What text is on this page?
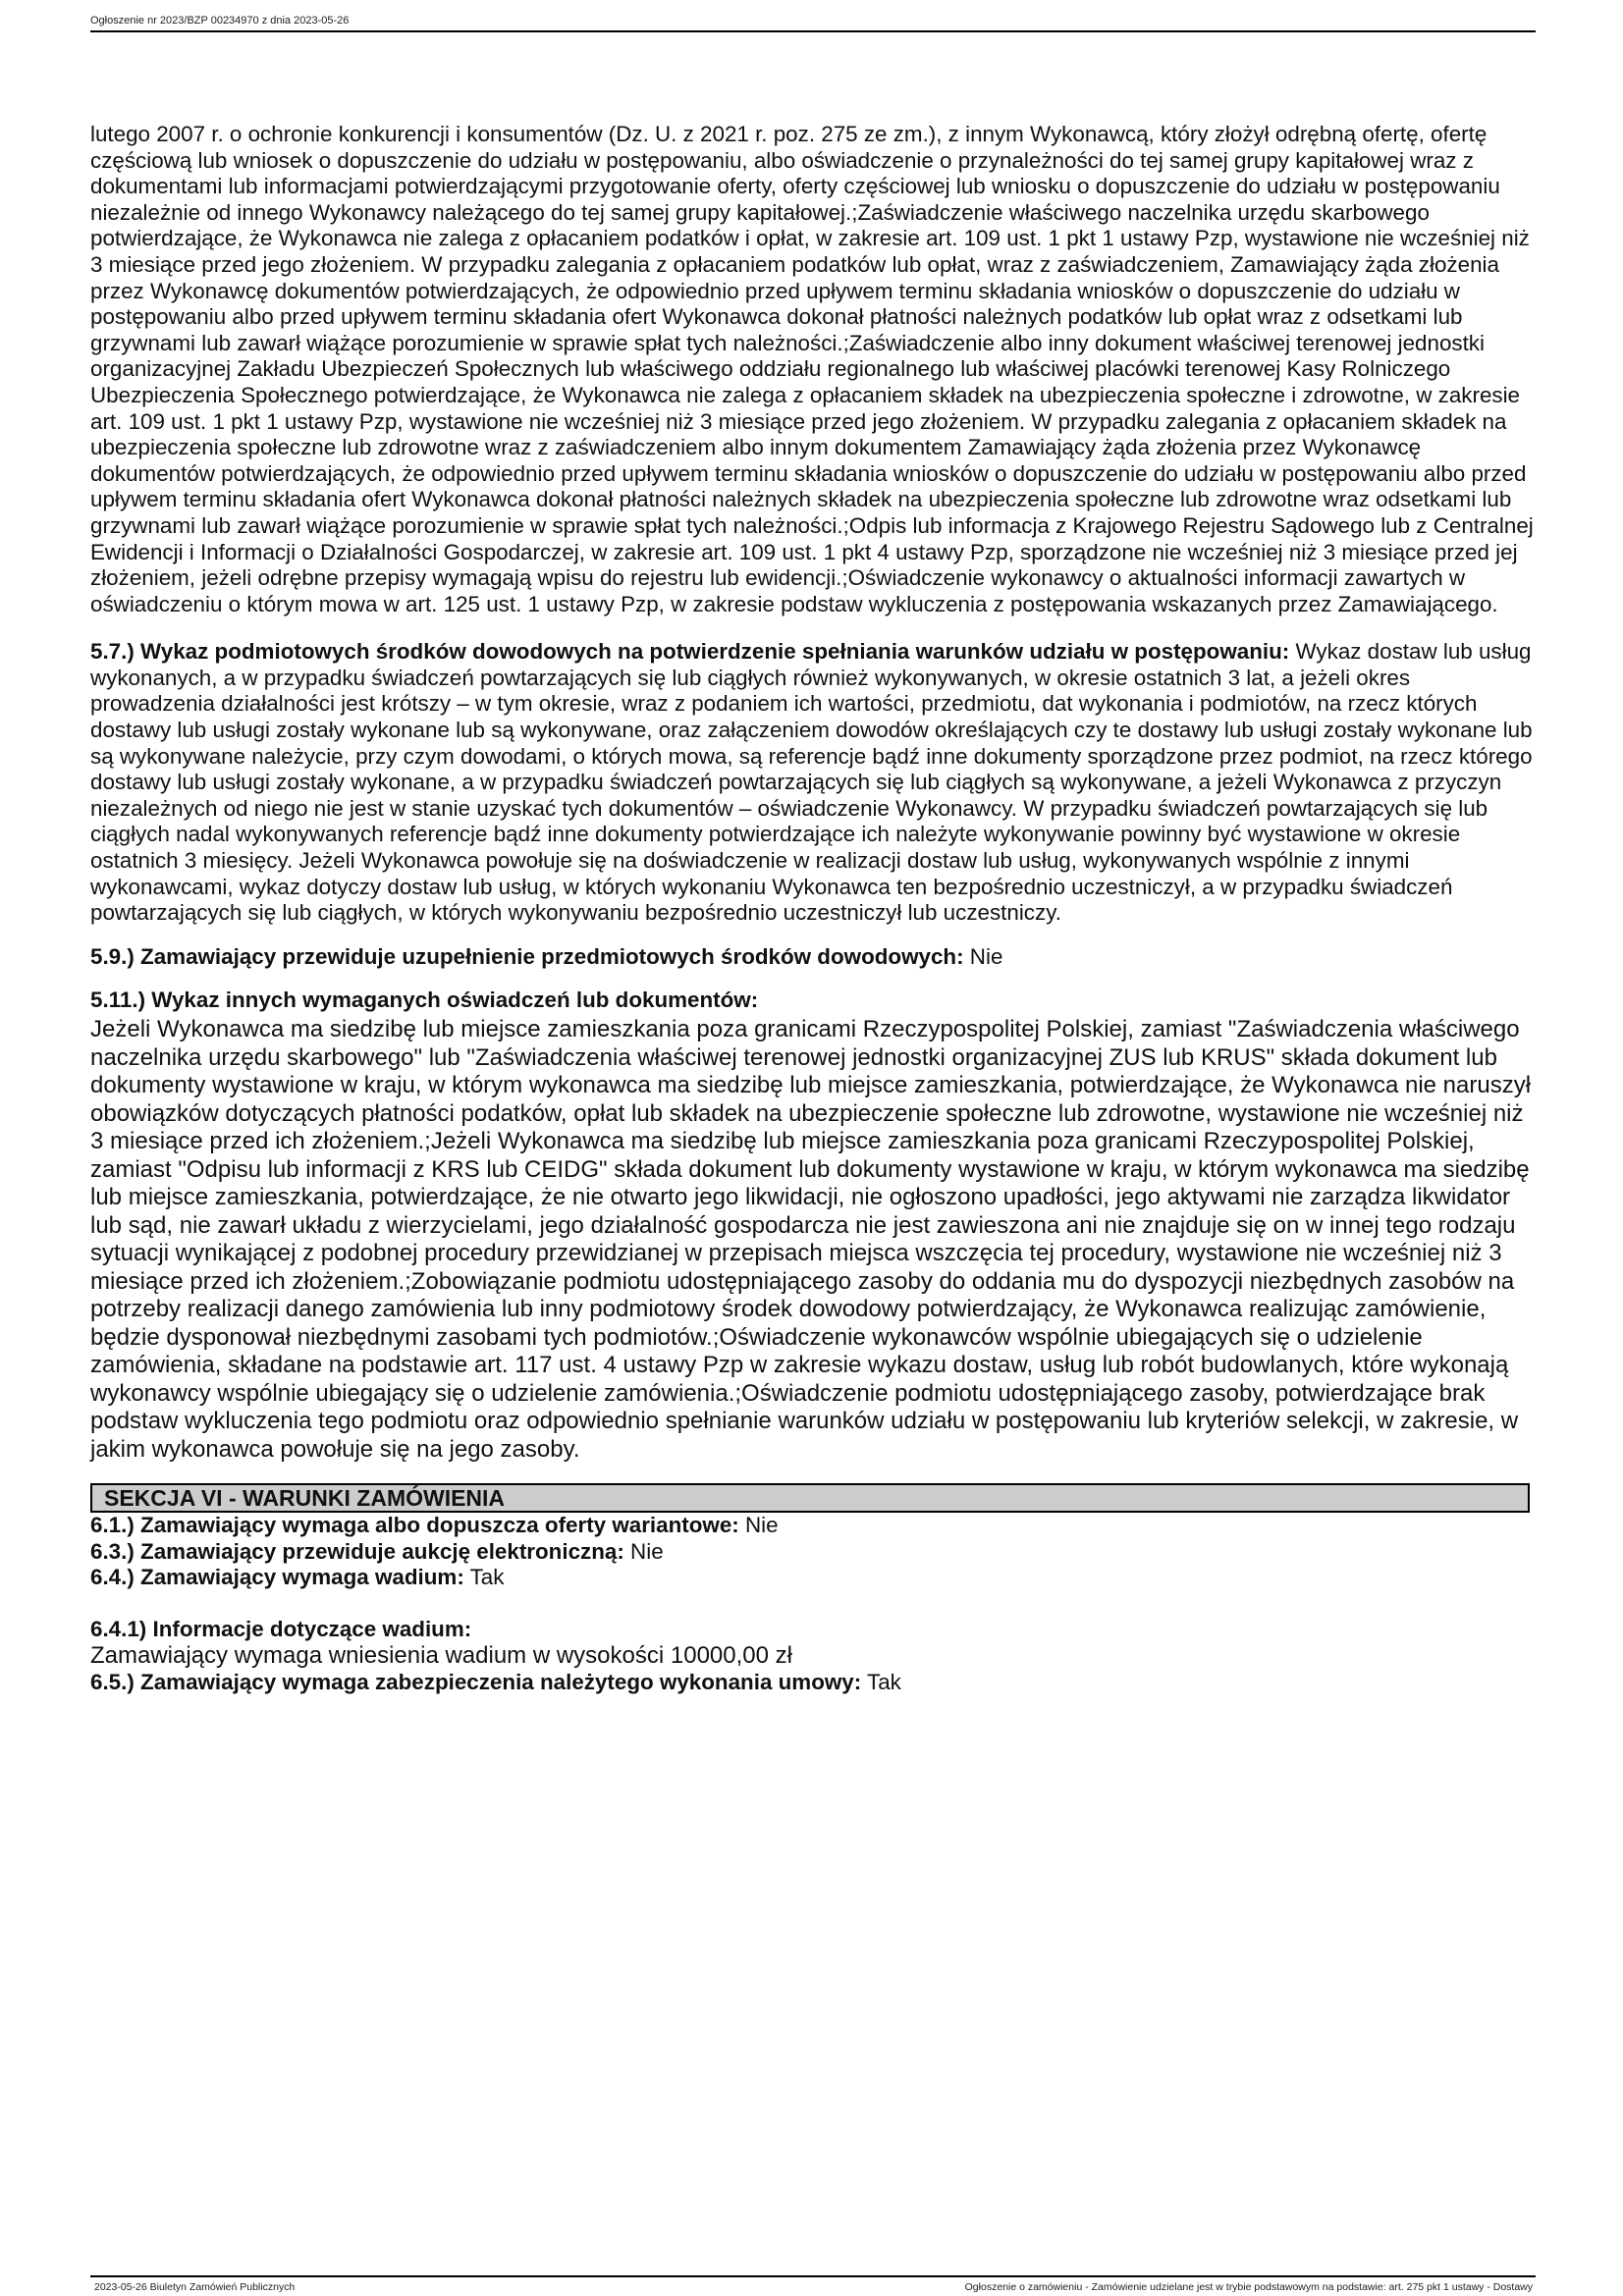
Ogłoszenie nr 2023/BZP 00234970 z dnia 2023-05-26

lutego 2007 r. o ochronie konkurencji i konsumentów (Dz. U. z 2021 r. poz. 275 ze zm.), z innym Wykonawcą, który złożył odrębną ofertę, ofertę częściową lub wniosek o dopuszczenie do udziału w postępowaniu, albo oświadczenie o przynależności do tej samej grupy kapitałowej wraz z dokumentami lub informacjami potwierdzającymi przygotowanie oferty, oferty częściowej lub wniosku o dopuszczenie do udziału w postępowaniu niezależnie od innego Wykonawcy należącego do tej samej grupy kapitałowej.;Zaświadczenie właściwego naczelnika urzędu skarbowego potwierdzające, że Wykonawca nie zalega z opłacaniem podatków i opłat, w zakresie art. 109 ust. 1 pkt 1 ustawy Pzp, wystawione nie wcześniej niż 3 miesiące przed jego złożeniem. W przypadku zalegania z opłacaniem podatków lub opłat, wraz z zaświadczeniem, Zamawiający żąda złożenia przez Wykonawcę dokumentów potwierdzających, że odpowiednio przed upływem terminu składania wniosków o dopuszczenie do udziału w postępowaniu albo przed upływem terminu składania ofert Wykonawca dokonał płatności należnych podatków lub opłat wraz z odsetkami lub grzywnami lub zawarł wiążące porozumienie w sprawie spłat tych należności.;Zaświadczenie albo inny dokument właściwej terenowej jednostki organizacyjnej Zakładu Ubezpieczeń Społecznych lub właściwego oddziału regionalnego lub właściwej placówki terenowej Kasy Rolniczego Ubezpieczenia Społecznego potwierdzające, że Wykonawca nie zalega z opłacaniem składek na ubezpieczenia społeczne i zdrowotne, w zakresie art. 109 ust. 1 pkt 1 ustawy Pzp, wystawione nie wcześniej niż 3 miesiące przed jego złożeniem. W przypadku zalegania z opłacaniem składek na ubezpieczenia społeczne lub zdrowotne wraz z zaświadczeniem albo innym dokumentem Zamawiający żąda złożenia przez Wykonawcę dokumentów potwierdzających, że odpowiednio przed upływem terminu składania wniosków o dopuszczenie do udziału w postępowaniu albo przed upływem terminu składania ofert Wykonawca dokonał płatności należnych składek na ubezpieczenia społeczne lub zdrowotne wraz odsetkami lub grzywnami lub zawarł wiążące porozumienie w sprawie spłat tych należności.;Odpis lub informacja z Krajowego Rejestru Sądowego lub z Centralnej Ewidencji i Informacji o Działalności Gospodarczej, w zakresie art. 109 ust. 1 pkt 4 ustawy Pzp, sporządzone nie wcześniej niż 3 miesiące przed jej złożeniem, jeżeli odrębne przepisy wymagają wpisu do rejestru lub ewidencji.;Oświadczenie wykonawcy o aktualności informacji zawartych w oświadczeniu o którym mowa w art. 125 ust. 1 ustawy Pzp, w zakresie podstaw wykluczenia z postępowania wskazanych przez Zamawiającego.

5.7.) Wykaz podmiotowych środków dowodowych na potwierdzenie spełniania warunków udziału w postępowaniu: Wykaz dostaw lub usług wykonanych, a w przypadku świadczeń powtarzających się lub ciągłych również wykonywanych, w okresie ostatnich 3 lat, a jeżeli okres prowadzenia działalności jest krótszy – w tym okresie, wraz z podaniem ich wartości, przedmiotu, dat wykonania i podmiotów, na rzecz których dostawy lub usługi zostały wykonane lub są wykonywane, oraz załączeniem dowodów określających czy te dostawy lub usługi zostały wykonane lub są wykonywane należycie, przy czym dowodami, o których mowa, są referencje bądź inne dokumenty sporządzone przez podmiot, na rzecz którego dostawy lub usługi zostały wykonane, a w przypadku świadczeń powtarzających się lub ciągłych są wykonywane, a jeżeli Wykonawca z przyczyn niezależnych od niego nie jest w stanie uzyskać tych dokumentów – oświadczenie Wykonawcy. W przypadku świadczeń powtarzających się lub ciągłych nadal wykonywanych referencje bądź inne dokumenty potwierdzające ich należyte wykonywanie powinny być wystawione w okresie ostatnich 3 miesięcy. Jeżeli Wykonawca powołuje się na doświadczenie w realizacji dostaw lub usług, wykonywanych wspólnie z innymi wykonawcami, wykaz dotyczy dostaw lub usług, w których wykonaniu Wykonawca ten bezpośrednio uczestniczył, a w przypadku świadczeń powtarzających się lub ciągłych, w których wykonywaniu bezpośrednio uczestniczył lub uczestniczy.

5.9.) Zamawiający przewiduje uzupełnienie przedmiotowych środków dowodowych: Nie

5.11.) Wykaz innych wymaganych oświadczeń lub dokumentów:

Jeżeli Wykonawca ma siedzibę lub miejsce zamieszkania poza granicami Rzeczypospolitej Polskiej, zamiast "Zaświadczenia właściwego naczelnika urzędu skarbowego" lub "Zaświadczenia właściwej terenowej jednostki organizacyjnej ZUS lub KRUS" składa dokument lub dokumenty wystawione w kraju, w którym wykonawca ma siedzibę lub miejsce zamieszkania, potwierdzające, że Wykonawca nie naruszył obowiązków dotyczących płatności podatków, opłat lub składek na ubezpieczenie społeczne lub zdrowotne, wystawione nie wcześniej niż 3 miesiące przed ich złożeniem.;Jeżeli Wykonawca ma siedzibę lub miejsce zamieszkania poza granicami Rzeczypospolitej Polskiej, zamiast "Odpisu lub informacji z KRS lub CEIDG" składa dokument lub dokumenty wystawione w kraju, w którym wykonawca ma siedzibę lub miejsce zamieszkania, potwierdzające, że nie otwarto jego likwidacji, nie ogłoszono upadłości, jego aktywami nie zarządza likwidator lub sąd, nie zawarł układu z wierzycielami, jego działalność gospodarcza nie jest zawieszona ani nie znajduje się on w innej tego rodzaju sytuacji wynikającej z podobnej procedury przewidzianej w przepisach miejsca wszczęcia tej procedury, wystawione nie wcześniej niż 3 miesiące przed ich złożeniem.;Zobowiązanie podmiotu udostępniającego zasoby do oddania mu do dyspozycji niezbędnych zasobów na potrzeby realizacji danego zamówienia lub inny podmiotowy środek dowodowy potwierdzający, że Wykonawca realizując zamówienie, będzie dysponował niezbędnymi zasobami tych podmiotów.;Oświadczenie wykonawców wspólnie ubiegających się o udzielenie zamówienia, składane na podstawie art. 117 ust. 4 ustawy Pzp w zakresie wykazu dostaw, usług lub robót budowlanych, które wykonają wykonawcy wspólnie ubiegający się o udzielenie zamówienia.;Oświadczenie podmiotu udostępniającego zasoby, potwierdzające brak podstaw wykluczenia tego podmiotu oraz odpowiednio spełnianie warunków udziału w postępowaniu lub kryteriów selekcji, w zakresie, w jakim wykonawca powołuje się na jego zasoby.

SEKCJA VI - WARUNKI ZAMÓWIENIA

6.1.) Zamawiający wymaga albo dopuszcza oferty wariantowe: Nie

6.3.) Zamawiający przewiduje aukcję elektroniczną: Nie

6.4.) Zamawiający wymaga wadium: Tak

6.4.1) Informacje dotyczące wadium:

Zamawiający wymaga wniesienia wadium w wysokości 10000,00 zł

6.5.) Zamawiający wymaga zabezpieczenia należytego wykonania umowy: Tak

2023-05-26 Biuletyn Zamówień Publicznych	Ogłoszenie o zamówieniu - Zamówienie udzielane jest w trybie podstawowym na podstawie: art. 275 pkt 1 ustawy - Dostawy
